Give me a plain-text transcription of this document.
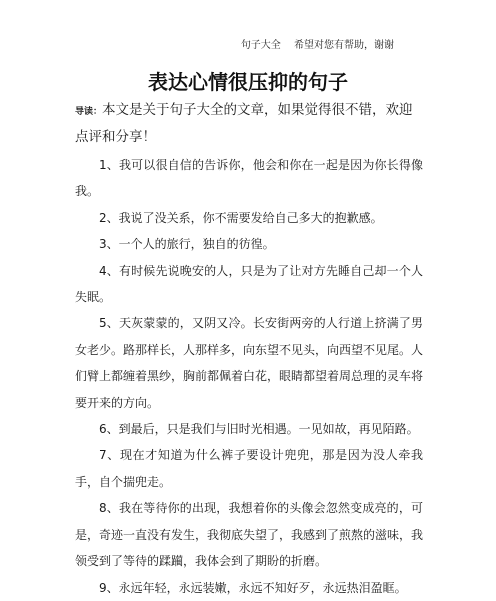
句子大全 希望对您有帮助，谢谢
表达心情很压抑的句子

导读：本文是关于句子大全的文章，如果觉得很不错，欢迎点评和分享！

1、我可以很自信的告诉你，他会和你在一起是因为你长得像我。

2、我说了没关系，你不需要发给自己多大的抱歉感。

3、一个人的旅行，独自的彷徨。

4、有时候先说晚安的人，只是为了让对方先睡自己却一个人失眠。

5、天灰蒙蒙的，又阴又冷。长安街两旁的人行道上挤满了男女老少。路那样长，人那样多，向东望不见头，向西望不见尾。人们臂上都缠着黑纱，胸前都佩着白花，眼睛都望着周总理的灵车将要开来的方向。

6、到最后，只是我们与旧时光相遇。一见如故，再见陌路。

7、现在才知道为什么裤子要设计兜兜，那是因为没人牵我手，自个揣兜走。

8、我在等待你的出现，我想着你的头像会忽然变成亮的，可是，奇迹一直没有发生，我彻底失望了，我感到了煎熬的滋味，我领受到了等待的蹂躏，我体会到了期盼的折磨。

9、永远年轻，永远装嫩，永远不知好歹，永远热泪盈眶。
